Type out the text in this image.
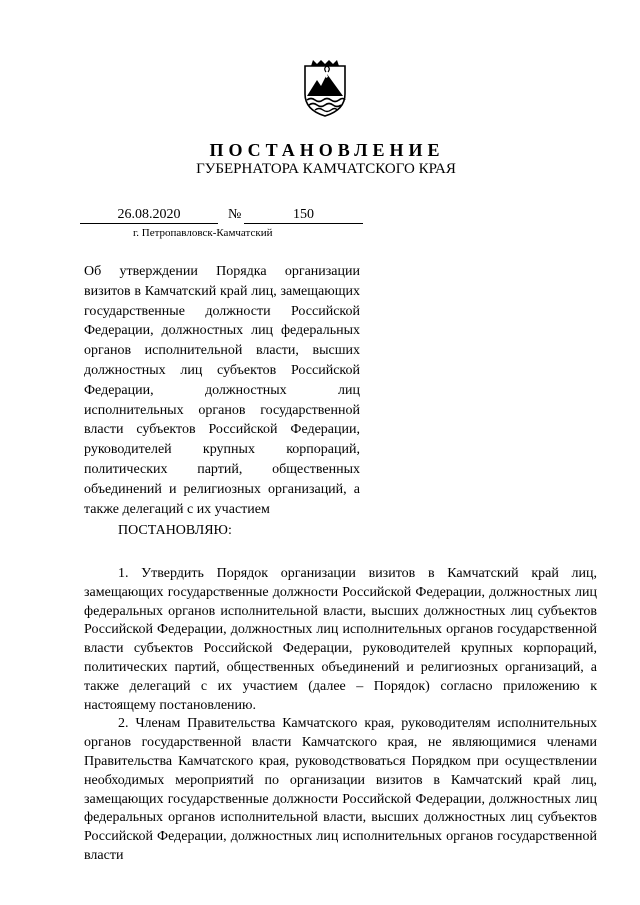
ПОСТАНОВЛЕНИЕ
ГУБЕРНАТОРА КАМЧАТСКОГО КРАЯ
26.08.2020	№	150
г. Петропавловск-Камчатский
Об утверждении Порядка организации визитов в Камчатский край лиц, замещающих государственные должности Российской Федерации, должностных лиц федеральных органов исполнительной власти, высших должностных лиц субъектов Российской Федерации, должностных лиц исполнительных органов государственной власти субъектов Российской Федерации, руководителей крупных корпораций, политических партий, общественных объединений и религиозных организаций, а также делегаций с их участием
ПОСТАНОВЛЯЮ:

1. Утвердить Порядок организации визитов в Камчатский край лиц, замещающих государственные должности Российской Федерации, должностных лиц федеральных органов исполнительной власти, высших должностных лиц субъектов Российской Федерации, должностных лиц исполнительных органов государственной власти субъектов Российской Федерации, руководителей крупных корпораций, политических партий, общественных объединений и религиозных организаций, а также делегаций с их участием (далее – Порядок) согласно приложению к настоящему постановлению.

2. Членам Правительства Камчатского края, руководителям исполнительных органов государственной власти Камчатского края, не являющимися членами Правительства Камчатского края, руководствоваться Порядком при осуществлении необходимых мероприятий по организации визитов в Камчатский край лиц, замещающих государственные должности Российской Федерации, должностных лиц федеральных органов исполнительной власти, высших должностных лиц субъектов Российской Федерации, должностных лиц исполнительных органов государственной власти
